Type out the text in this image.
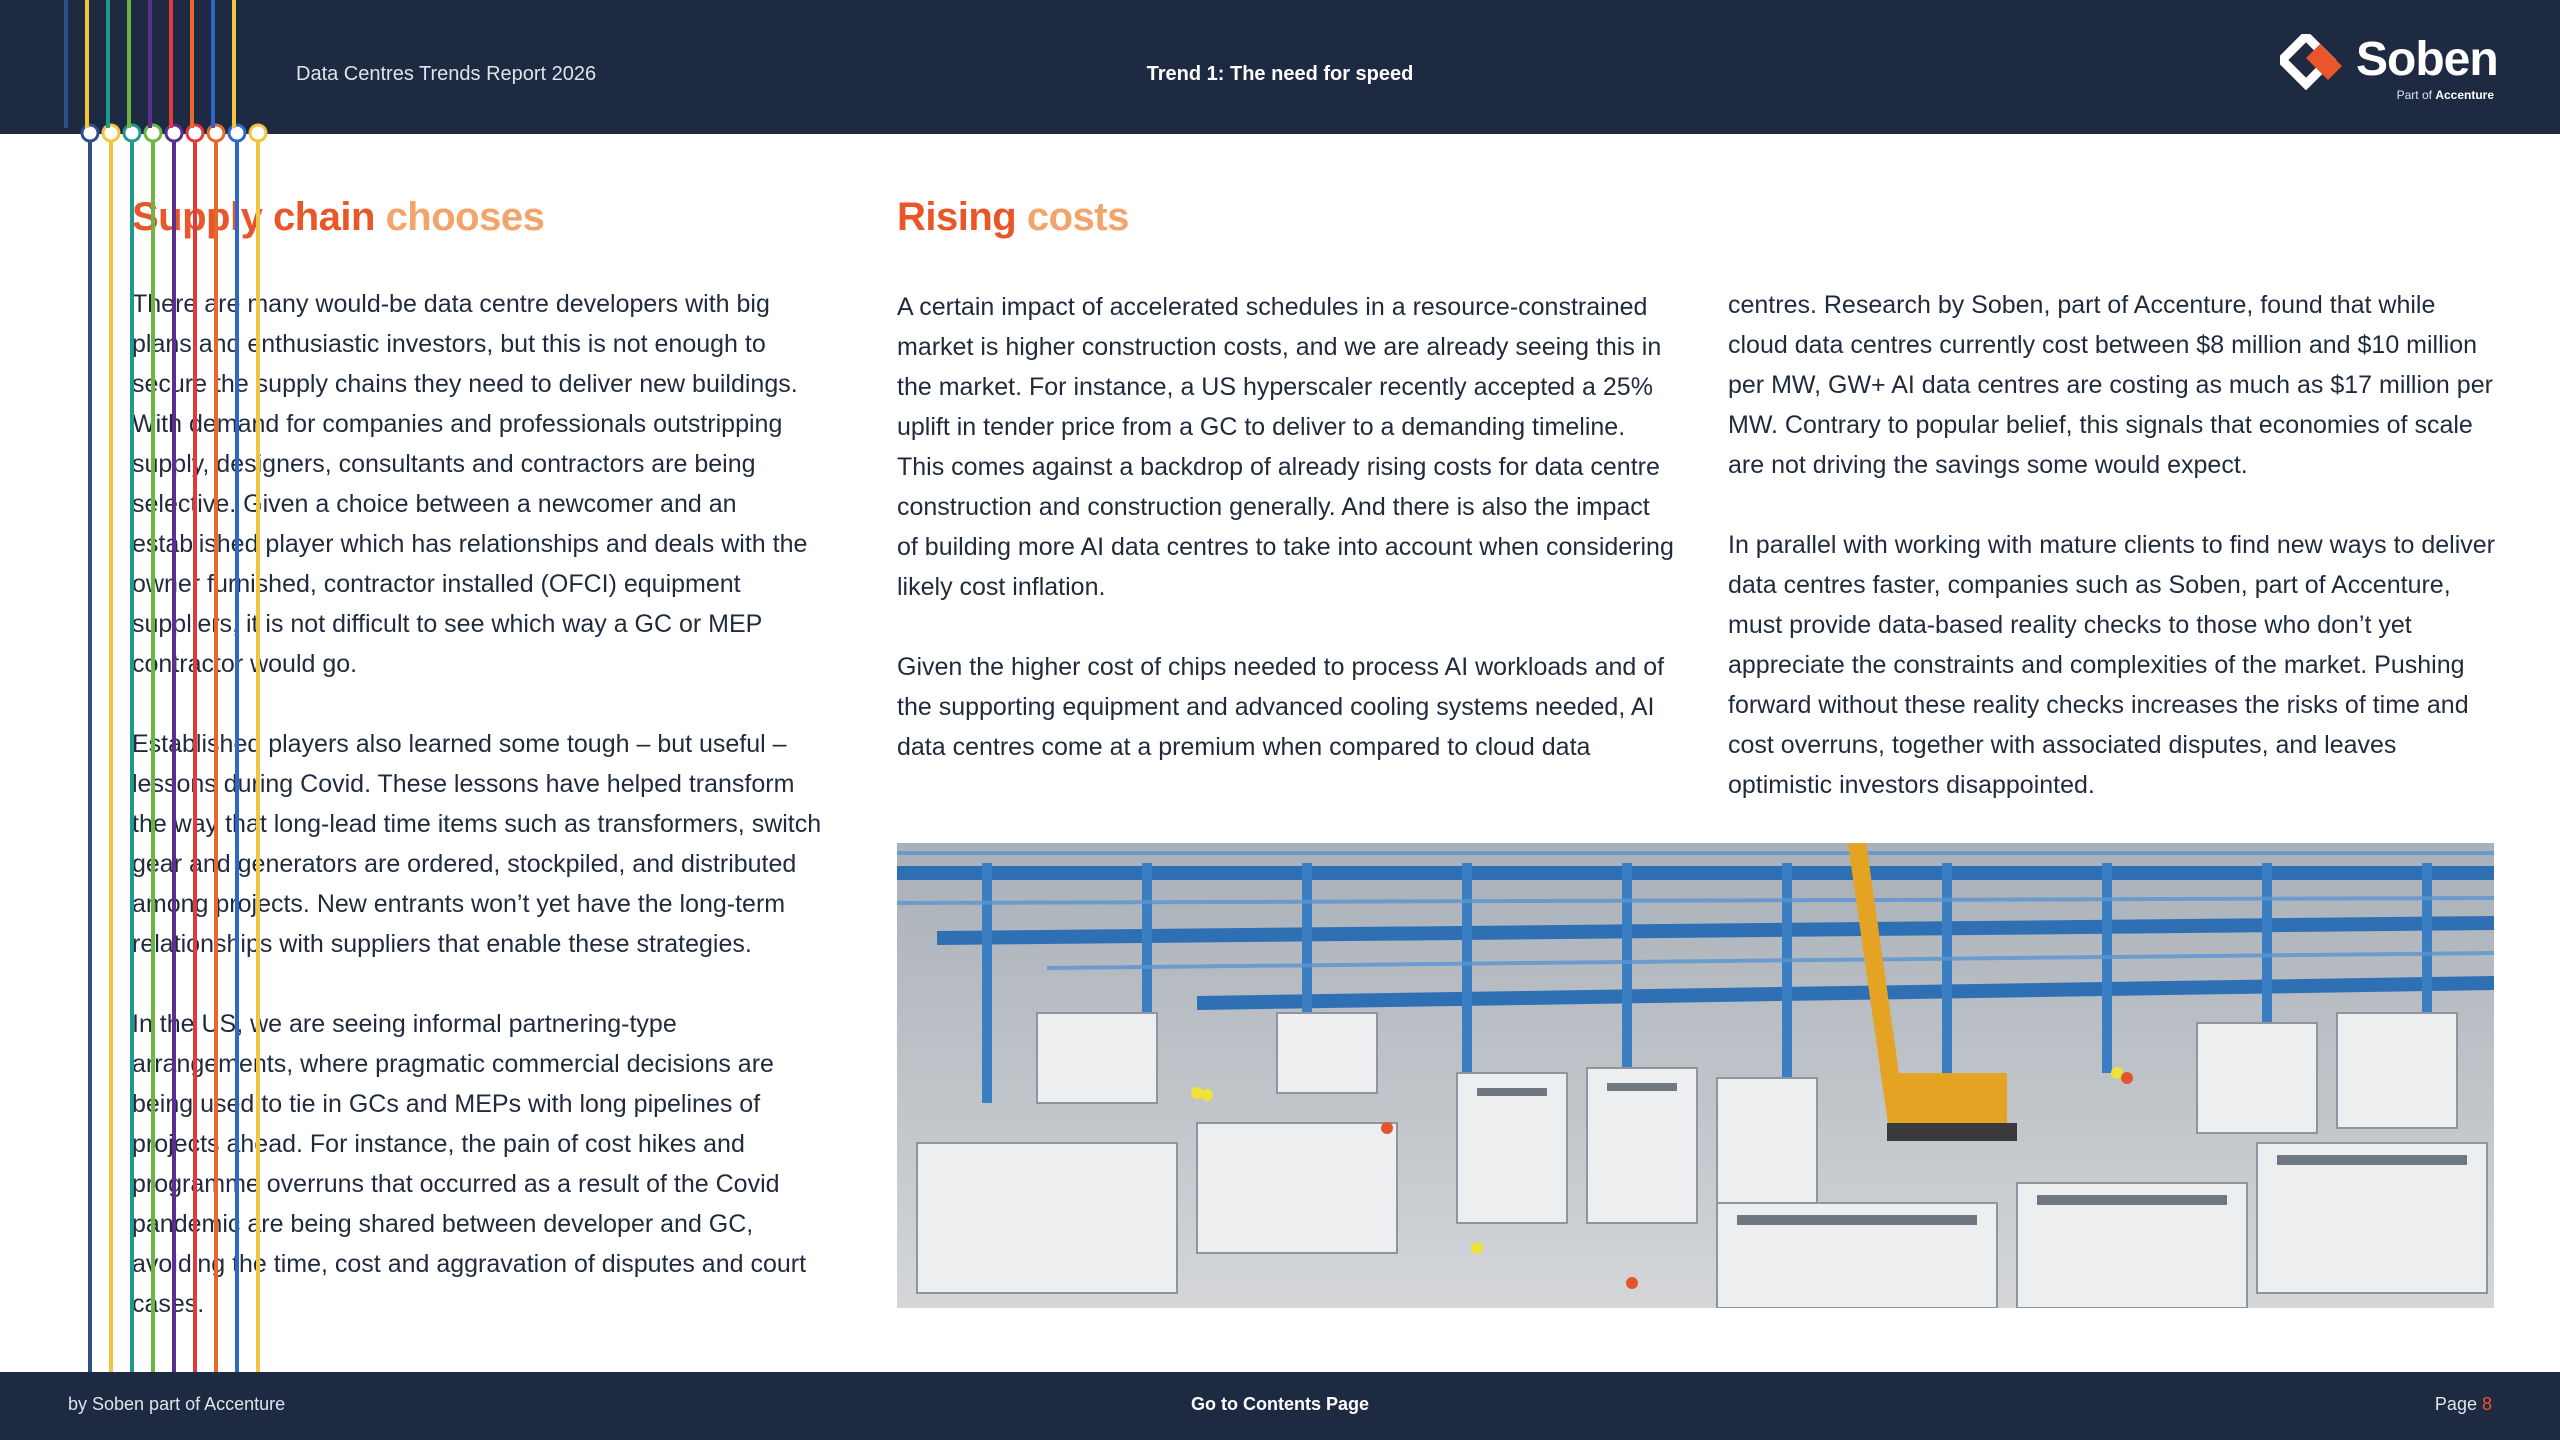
Data Centres Trends Report 2026	Trend 1: The need for speed	Soben
Part of Accenture
Supply chain chooses	Rising costs

There are many would-be data centre developers with big plans and enthusiastic investors, but this is not enough to secure the supply chains they need to deliver new buildings. With demand for companies and professionals outstripping supply, designers, consultants and contractors are being selective. Given a choice between a newcomer and an established player which has relationships and deals with the owner furnished, contractor installed (OFCI) equipment suppliers, it is not difficult to see which way a GC or MEP contractor would go.

Established players also learned some tough – but useful – lessons during Covid. These lessons have helped transform the way that long-lead time items such as transformers, switch gear and generators are ordered, stockpiled, and distributed among projects. New entrants won’t yet have the long-term relationships with suppliers that enable these strategies.

In the US, we are seeing informal partnering-type arrangements, where pragmatic commercial decisions are being used to tie in GCs and MEPs with long pipelines of projects ahead. For instance, the pain of cost hikes and programme overruns that occurred as a result of the Covid pandemic are being shared between developer and GC, avoiding the time, cost and aggravation of disputes and court cases.

A certain impact of accelerated schedules in a resource-constrained market is higher construction costs, and we are already seeing this in the market. For instance, a US hyperscaler recently accepted a 25% uplift in tender price from a GC to deliver to a demanding timeline. This comes against a backdrop of already rising costs for data centre construction and construction generally. And there is also the impact of building more AI data centres to take into account when considering likely cost inflation.

Given the higher cost of chips needed to process AI workloads and of the supporting equipment and advanced cooling systems needed, AI data centres come at a premium when compared to cloud data

centres. Research by Soben, part of Accenture, found that while cloud data centres currently cost between $8 million and $10 million per MW, GW+ AI data centres are costing as much as $17 million per MW. Contrary to popular belief, this signals that economies of scale are not driving the savings some would expect.

In parallel with working with mature clients to find new ways to deliver data centres faster, companies such as Soben, part of Accenture, must provide data-based reality checks to those who don’t yet appreciate the constraints and complexities of the market. Pushing forward without these reality checks increases the risks of time and cost overruns, together with associated disputes, and leaves optimistic investors disappointed.

by Soben part of Accenture	Go to Contents Page	Page 8
